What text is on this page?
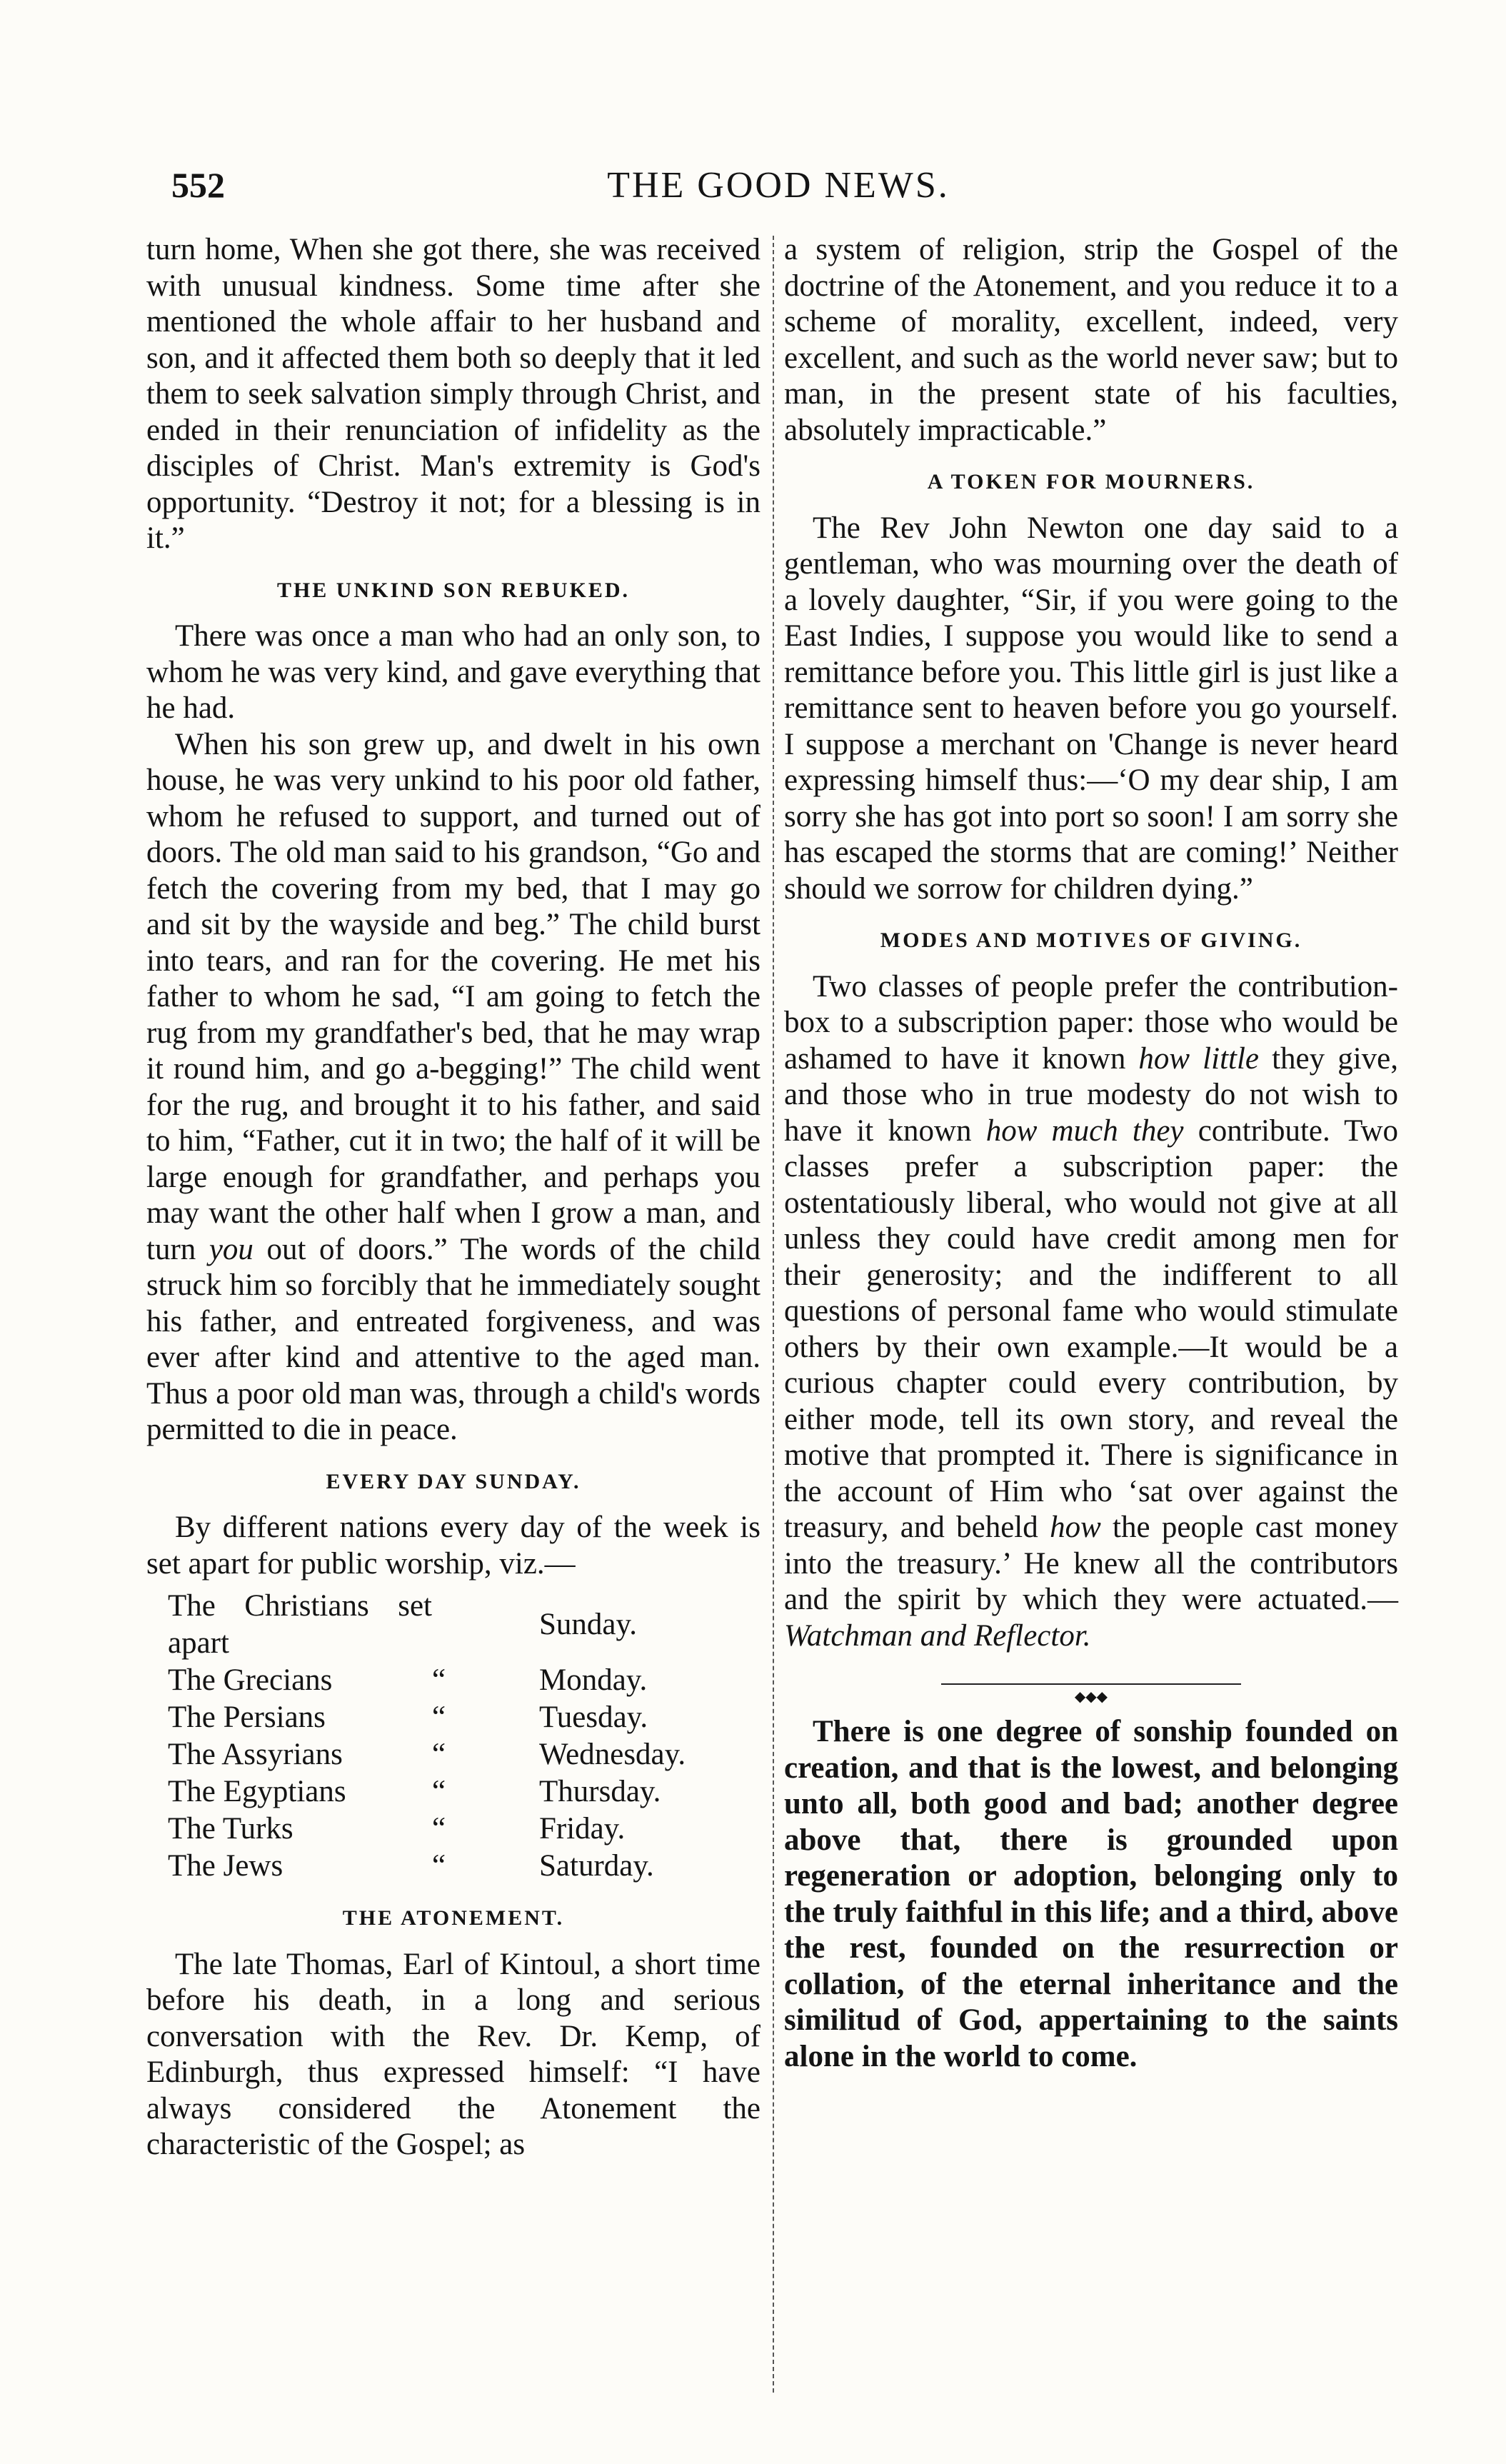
552	THE GOOD NEWS.

turn home, When she got there, she was received with unusual kindness. Some time after she mentioned the whole affair to her husband and son, and it affected them both so deeply that it led them to seek salvation simply through Christ, and ended in their renunciation of infidelity as the disciples of Christ. Man's extremity is God's opportunity. “Destroy it not; for a blessing is in it.”

THE UNKIND SON REBUKED.

There was once a man who had an only son, to whom he was very kind, and gave everything that he had.

When his son grew up, and dwelt in his own house, he was very unkind to his poor old father, whom he refused to support, and turned out of doors. The old man said to his grandson, “Go and fetch the covering from my bed, that I may go and sit by the wayside and beg.” The child burst into tears, and ran for the covering. He met his father to whom he sad, “I am going to fetch the rug from my grandfather's bed, that he may wrap it round him, and go a-begging!” The child went for the rug, and brought it to his father, and said to him, “Father, cut it in two; the half of it will be large enough for grandfather, and perhaps you may want the other half when I grow a man, and turn you out of doors.” The words of the child struck him so forcibly that he immediately sought his father, and entreated forgiveness, and was ever after kind and attentive to the aged man. Thus a poor old man was, through a child's words permitted to die in peace.

EVERY DAY SUNDAY.

By different nations every day of the week is set apart for public worship, viz.—

The Christians set apart		Sunday.
The Grecians	“	Monday.
The Persians	“	Tuesday.
The Assyrians	“	Wednesday.
The Egyptians	“	Thursday.
The Turks	“	Friday.
The Jews	“	Saturday.
THE ATONEMENT.

The late Thomas, Earl of Kintoul, a short time before his death, in a long and serious conversation with the Rev. Dr. Kemp, of Edinburgh, thus expressed himself: “I have always considered the Atonement the characteristic of the Gospel; as

a system of religion, strip the Gospel of the doctrine of the Atonement, and you reduce it to a scheme of morality, excellent, indeed, very excellent, and such as the world never saw; but to man, in the present state of his faculties, absolutely impracticable.”

A TOKEN FOR MOURNERS.

The Rev John Newton one day said to a gentleman, who was mourning over the death of a lovely daughter, “Sir, if you were going to the East Indies, I suppose you would like to send a remittance before you. This little girl is just like a remittance sent to heaven before you go yourself. I suppose a merchant on 'Change is never heard expressing himself thus:—‘O my dear ship, I am sorry she has got into port so soon! I am sorry she has escaped the storms that are coming!’ Neither should we sorrow for children dying.”

MODES AND MOTIVES OF GIVING.

Two classes of people prefer the contribution-box to a subscription paper: those who would be ashamed to have it known how little they give, and those who in true modesty do not wish to have it known how much they contribute. Two classes prefer a subscription paper: the ostentatiously liberal, who would not give at all unless they could have credit among men for their generosity; and the indifferent to all questions of personal fame who would stimulate others by their own example.—It would be a curious chapter could every contribution, by either mode, tell its own story, and reveal the motive that prompted it. There is significance in the account of Him who ‘sat over against the treasury, and beheld how the people cast money into the treasury.’ He knew all the contributors and the spirit by which they were actuated.— Watchman and Reflector.

◆◆◆

There is one degree of sonship founded on creation, and that is the lowest, and belonging unto all, both good and bad; another degree above that, there is grounded upon regeneration or adoption, belonging only to the truly faithful in this life; and a third, above the rest, founded on the resurrection or collation, of the eternal inheritance and the similitud of God, appertaining to the saints alone in the world to come.
